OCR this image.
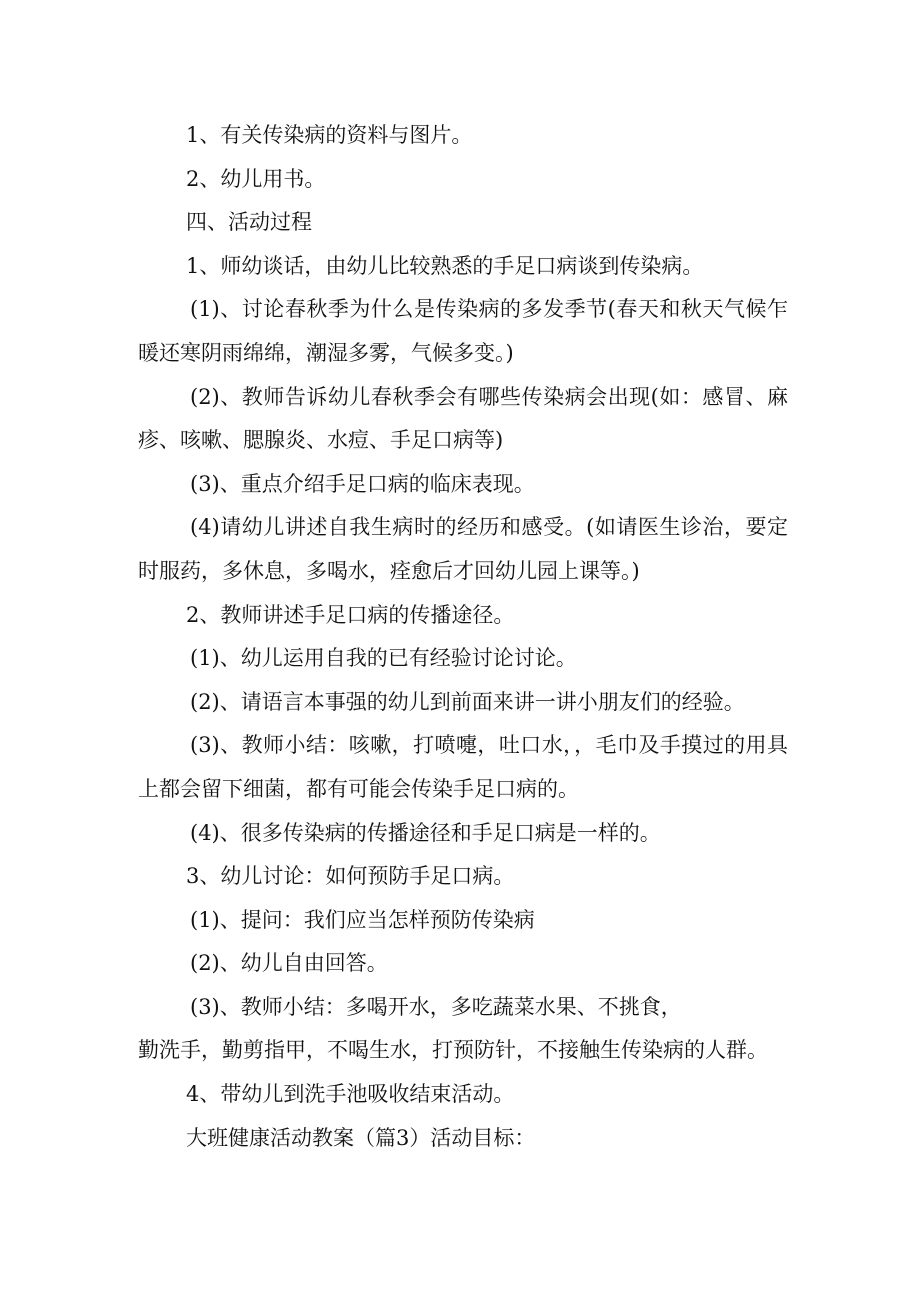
1、有关传染病的资料与图片。

2、幼儿用书。

四、活动过程

1、师幼谈话，由幼儿比较熟悉的手足口病谈到传染病。

(1)、讨论春秋季为什么是传染病的多发季节(春天和秋天气候乍暖还寒阴雨绵绵，潮湿多雾，气候多变。)

(2)、教师告诉幼儿春秋季会有哪些传染病会出现(如：感冒、麻疹、咳嗽、腮腺炎、水痘、手足口病等)

(3)、重点介绍手足口病的临床表现。

(4)请幼儿讲述自我生病时的经历和感受。(如请医生诊治，要定时服药，多休息，多喝水，痊愈后才回幼儿园上课等。)

2、教师讲述手足口病的传播途径。

(1)、幼儿运用自我的已有经验讨论讨论。

(2)、请语言本事强的幼儿到前面来讲一讲小朋友们的经验。

(3)、教师小结：咳嗽，打喷嚏，吐口水，，毛巾及手摸过的用具上都会留下细菌，都有可能会传染手足口病的。

(4)、很多传染病的传播途径和手足口病是一样的。

3、幼儿讨论：如何预防手足口病。

(1)、提问：我们应当怎样预防传染病

(2)、幼儿自由回答。

(3)、教师小结：多喝开水，多吃蔬菜水果、不挑食，

勤洗手，勤剪指甲，不喝生水，打预防针，不接触生传染病的人群。

4、带幼儿到洗手池吸收结束活动。

大班健康活动教案（篇3）活动目标：
